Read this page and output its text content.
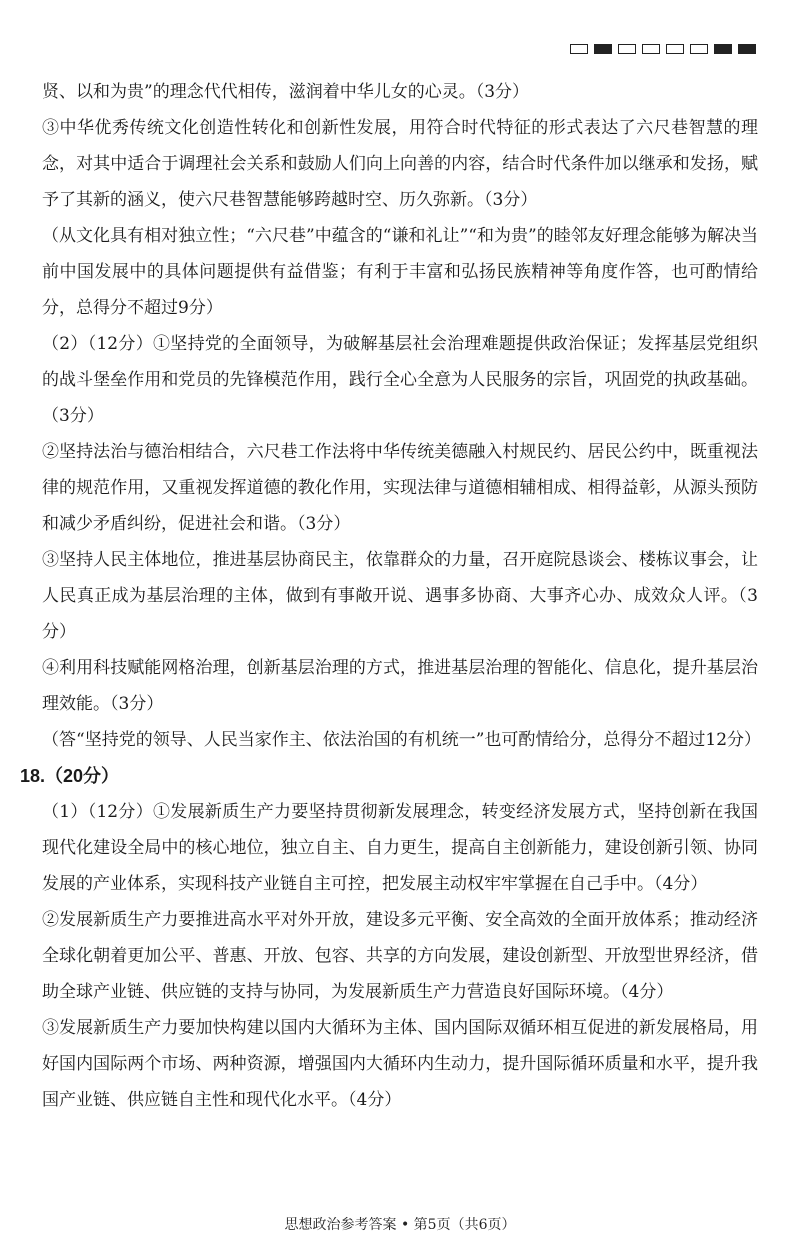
贤、以和为贵”的理念代代相传，滋润着中华儿女的心灵。（3分）

③中华优秀传统文化创造性转化和创新性发展，用符合时代特征的形式表达了六尺巷智慧的理念，对其中适合于调理社会关系和鼓励人们向上向善的内容，结合时代条件加以继承和发扬，赋予了其新的涵义，使六尺巷智慧能够跨越时空、历久弥新。（3分）

（从文化具有相对独立性；“六尺巷”中蕴含的“谦和礼让”“和为贵”的睦邻友好理念能够为解决当前中国发展中的具体问题提供有益借鉴；有利于丰富和弘扬民族精神等角度作答，也可酌情给分，总得分不超过9分）

（2）（12分）①坚持党的全面领导，为破解基层社会治理难题提供政治保证；发挥基层党组织的战斗堡垒作用和党员的先锋模范作用，践行全心全意为人民服务的宗旨，巩固党的执政基础。（3分）

②坚持法治与德治相结合，六尺巷工作法将中华传统美德融入村规民约、居民公约中，既重视法律的规范作用，又重视发挥道德的教化作用，实现法律与道德相辅相成、相得益彰，从源头预防和减少矛盾纠纷，促进社会和谐。（3分）

③坚持人民主体地位，推进基层协商民主，依靠群众的力量，召开庭院恳谈会、楼栋议事会，让人民真正成为基层治理的主体，做到有事敞开说、遇事多协商、大事齐心办、成效众人评。（3分）

④利用科技赋能网格治理，创新基层治理的方式，推进基层治理的智能化、信息化，提升基层治理效能。（3分）

（答“坚持党的领导、人民当家作主、依法治国的有机统一”也可酌情给分，总得分不超过12分）

18.（20分）

（1）（12分）①发展新质生产力要坚持贯彻新发展理念，转变经济发展方式，坚持创新在我国现代化建设全局中的核心地位，独立自主、自力更生，提高自主创新能力，建设创新引领、协同发展的产业体系，实现科技产业链自主可控，把发展主动权牢牢掌握在自己手中。（4分）

②发展新质生产力要推进高水平对外开放，建设多元平衡、安全高效的全面开放体系；推动经济全球化朝着更加公平、普惠、开放、包容、共享的方向发展，建设创新型、开放型世界经济，借助全球产业链、供应链的支持与协同，为发展新质生产力营造良好国际环境。（4分）

③发展新质生产力要加快构建以国内大循环为主体、国内国际双循环相互促进的新发展格局，用好国内国际两个市场、两种资源，增强国内大循环内生动力，提升国际循环质量和水平，提升我国产业链、供应链自主性和现代化水平。（4分）

思想政治参考答案 • 第5页（共6页）
